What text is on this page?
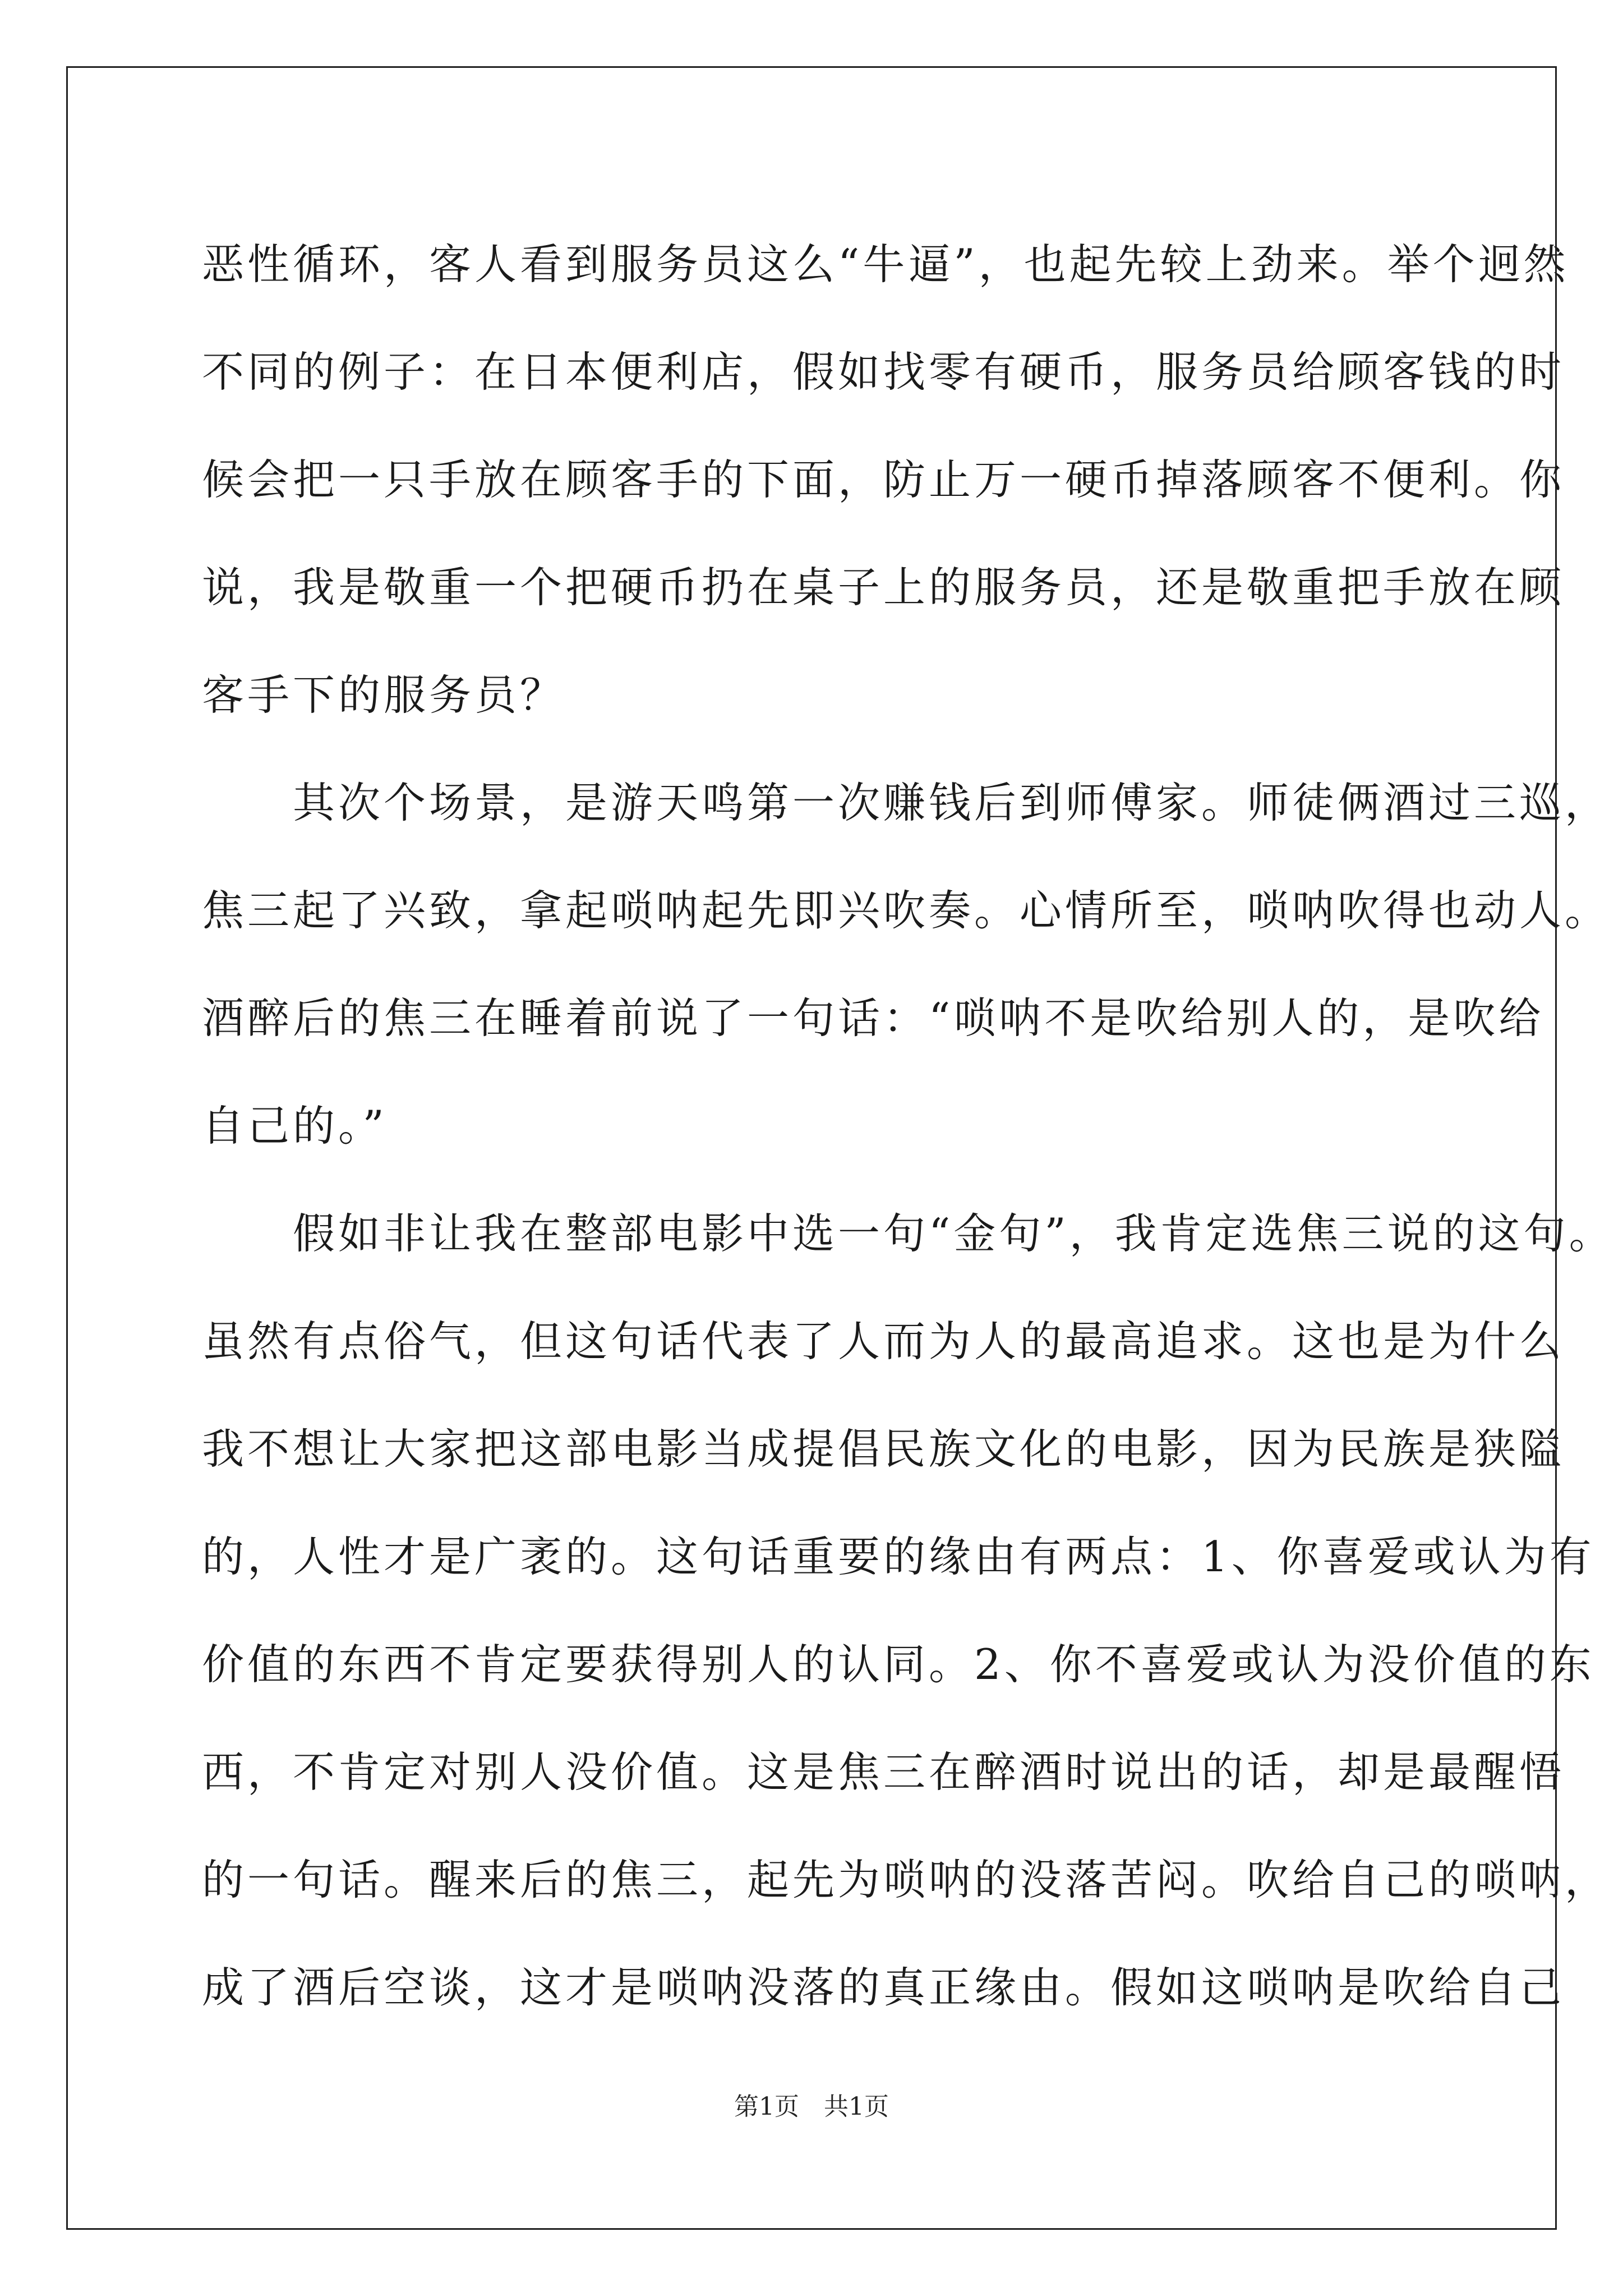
恶性循环，客人看到服务员这么“牛逼”，也起先较上劲来。举个迥然
不同的例子：在日本便利店，假如找零有硬币，服务员给顾客钱的时
候会把一只手放在顾客手的下面，防止万一硬币掉落顾客不便利。你
说，我是敬重一个把硬币扔在桌子上的服务员，还是敬重把手放在顾
客手下的服务员？
　　其次个场景，是游天鸣第一次赚钱后到师傅家。师徒俩酒过三巡，
焦三起了兴致，拿起唢呐起先即兴吹奏。心情所至，唢呐吹得也动人。
酒醉后的焦三在睡着前说了一句话：“唢呐不是吹给别人的，是吹给
自己的。”
　　假如非让我在整部电影中选一句“金句”，我肯定选焦三说的这句。
虽然有点俗气，但这句话代表了人而为人的最高追求。这也是为什么
我不想让大家把这部电影当成提倡民族文化的电影，因为民族是狭隘
的，人性才是广袤的。这句话重要的缘由有两点：1、你喜爱或认为有
价值的东西不肯定要获得别人的认同。2、你不喜爱或认为没价值的东
西，不肯定对别人没价值。这是焦三在醉酒时说出的话，却是最醒悟
的一句话。醒来后的焦三，起先为唢呐的没落苦闷。吹给自己的唢呐，
成了酒后空谈，这才是唢呐没落的真正缘由。假如这唢呐是吹给自己
第1页　共1页
